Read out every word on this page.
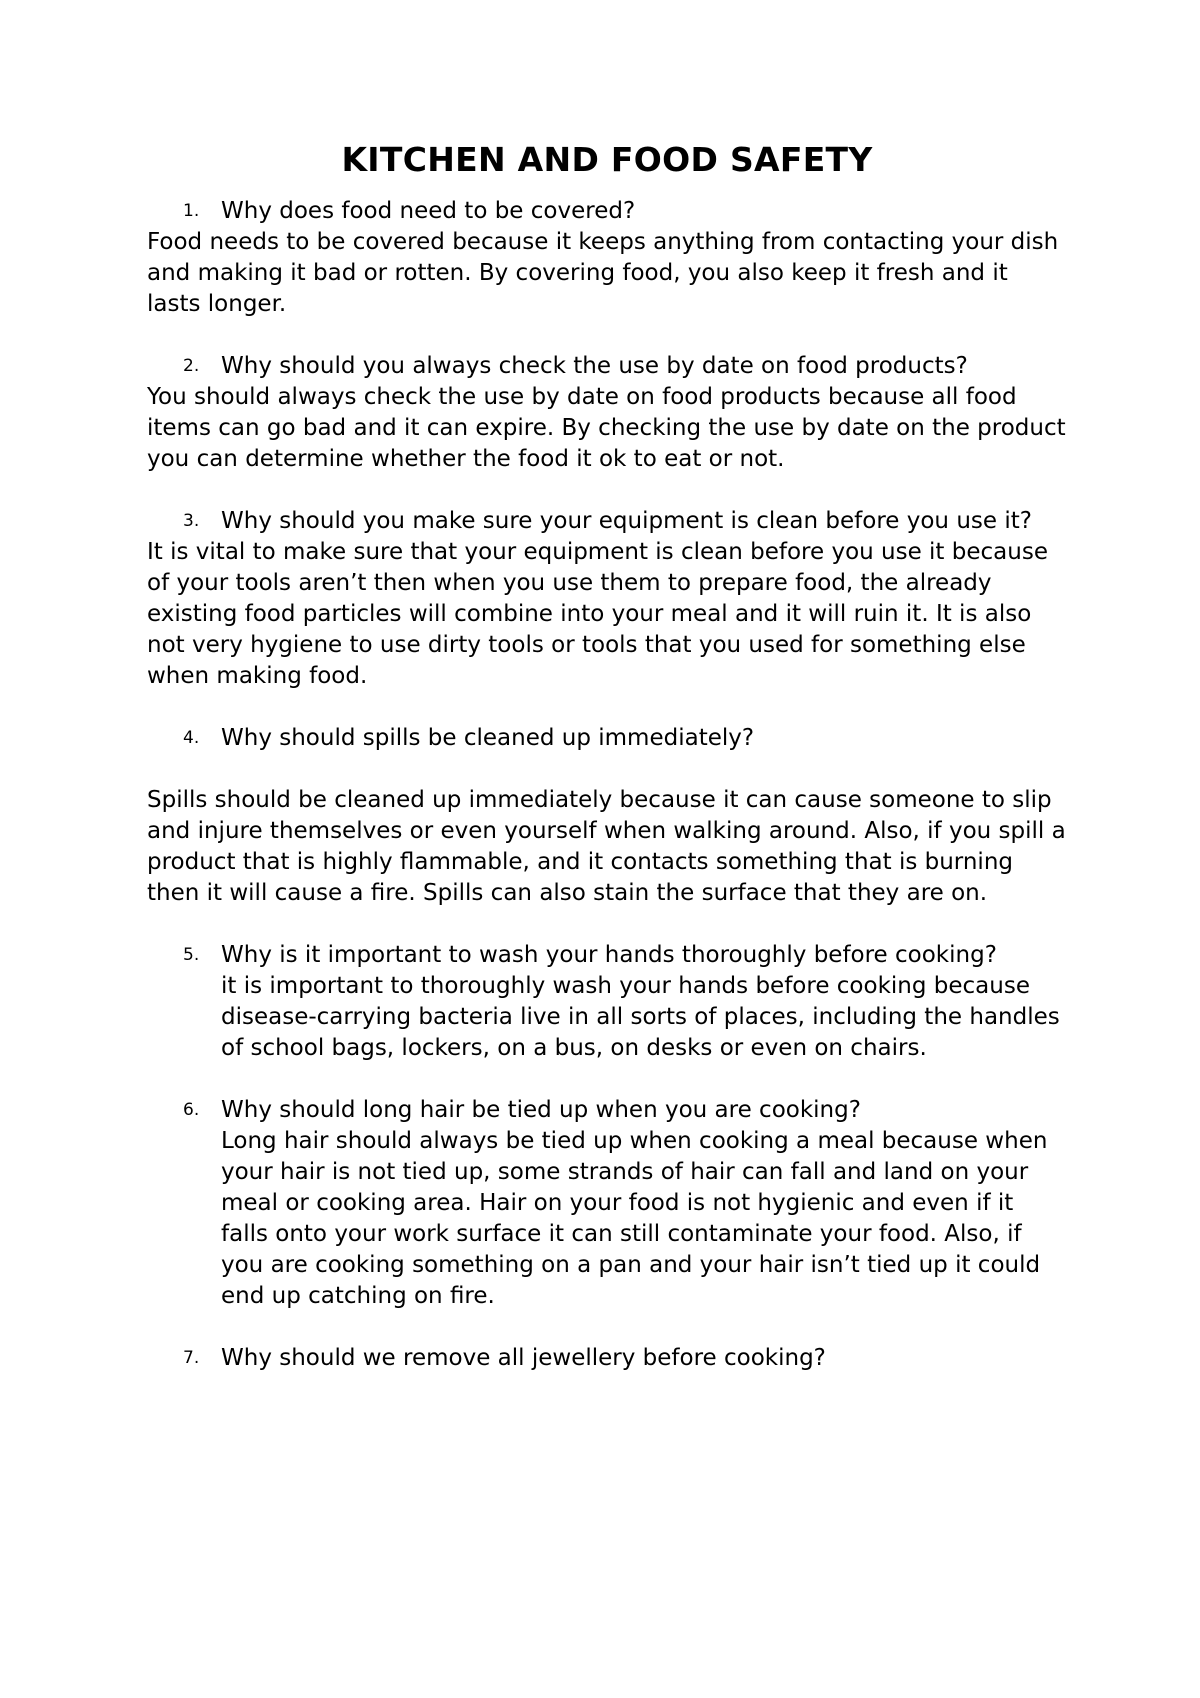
KITCHEN AND FOOD SAFETY
1. Why does food need to be covered?

Food needs to be covered because it keeps anything from contacting your dish and making it bad or rotten. By covering food, you also keep it fresh and it lasts longer.

2. Why should you always check the use by date on food products?

You should always check the use by date on food products because all food items can go bad and it can expire. By checking the use by date on the product you can determine whether the food it ok to eat or not.

3. Why should you make sure your equipment is clean before you use it?

It is vital to make sure that your equipment is clean before you use it because of your tools aren’t then when you use them to prepare food, the already existing food particles will combine into your meal and it will ruin it. It is also not very hygiene to use dirty tools or tools that you used for something else when making food.

4. Why should spills be cleaned up immediately?

Spills should be cleaned up immediately because it can cause someone to slip and injure themselves or even yourself when walking around. Also, if you spill a product that is highly flammable, and it contacts something that is burning then it will cause a fire. Spills can also stain the surface that they are on.

5. Why is it important to wash your hands thoroughly before cooking?

it is important to thoroughly wash your hands before cooking because disease-carrying bacteria live in all sorts of places, including the handles of school bags, lockers, on a bus, on desks or even on chairs.

6. Why should long hair be tied up when you are cooking?

Long hair should always be tied up when cooking a meal because when your hair is not tied up, some strands of hair can fall and land on your meal or cooking area. Hair on your food is not hygienic and even if it falls onto your work surface it can still contaminate your food. Also, if you are cooking something on a pan and your hair isn’t tied up it could end up catching on fire.

7. Why should we remove all jewellery before cooking?
